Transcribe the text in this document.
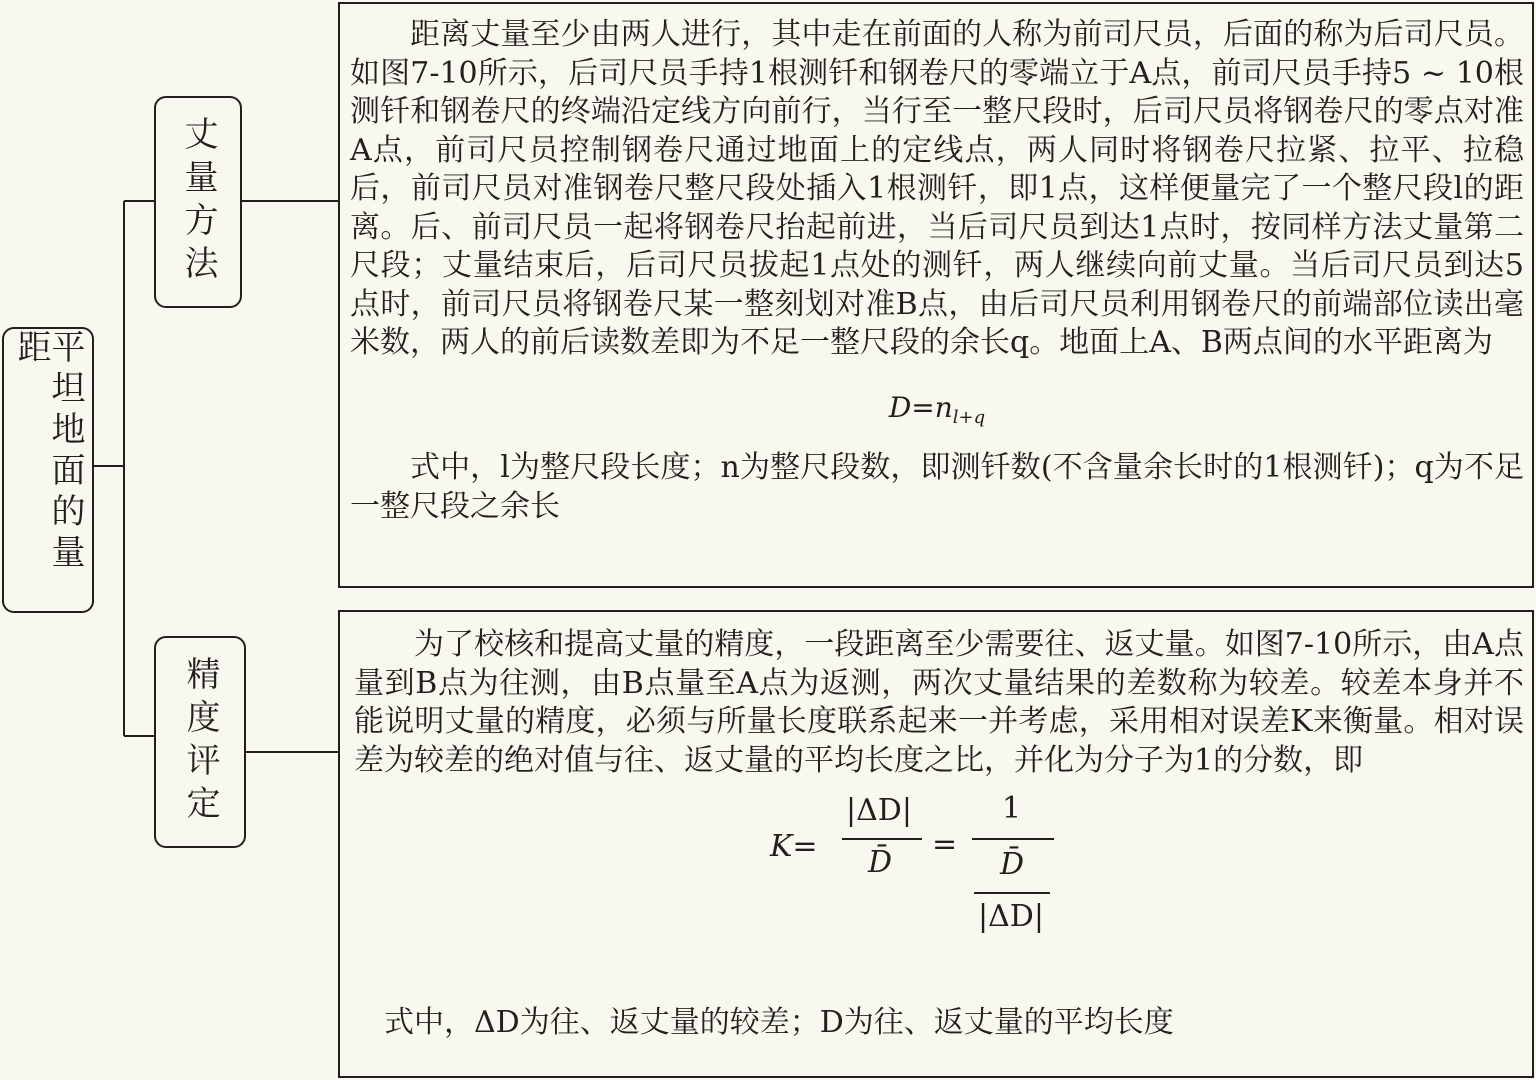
平坦地面的量距
丈量方法
精度评定

距离丈量至少由两人进行，其中走在前面的人称为前司尺员，后面的称为后司尺员。如图7-10所示，后司尺员手持1根测钎和钢卷尺的零端立于A点，前司尺员手持5 ~ 10根测钎和钢卷尺的终端沿定线方向前行，当行至一整尺段时，后司尺员将钢卷尺的零点对准A点，前司尺员控制钢卷尺通过地面上的定线点，两人同时将钢卷尺拉紧、拉平、拉稳后，前司尺员对准钢卷尺整尺段处插入1根测钎，即1点，这样便量完了一个整尺段l的距离。后、前司尺员一起将钢卷尺抬起前进，当后司尺员到达1点时，按同样方法丈量第二尺段；丈量结束后，后司尺员拔起1点处的测钎，两人继续向前丈量。当后司尺员到达5点时，前司尺员将钢卷尺某一整刻划对准B点，由后司尺员利用钢卷尺的前端部位读出毫米数，两人的前后读数差即为不足一整尺段的余长q。地面上A、B两点间的水平距离为

$D=n_{l+q}$

式中，l为整尺段长度；n为整尺段数，即测钎数(不含量余长时的1根测钎)；q为不足一整尺段之余长

为了校核和提高丈量的精度，一段距离至少需要往、返丈量。如图7-10所示，由A点量到B点为往测，由B点量至A点为返测，两次丈量结果的差数称为较差。较差本身并不能说明丈量的精度，必须与所量长度联系起来一并考虑，采用相对误差K来衡量。相对误差为较差的绝对值与往、返丈量的平均长度之比，并化为分子为1的分数，即

K=
|ΔD|
D̄
=
1
D̄
|ΔD|

式中，ΔD为往、返丈量的较差；D为往、返丈量的平均长度
